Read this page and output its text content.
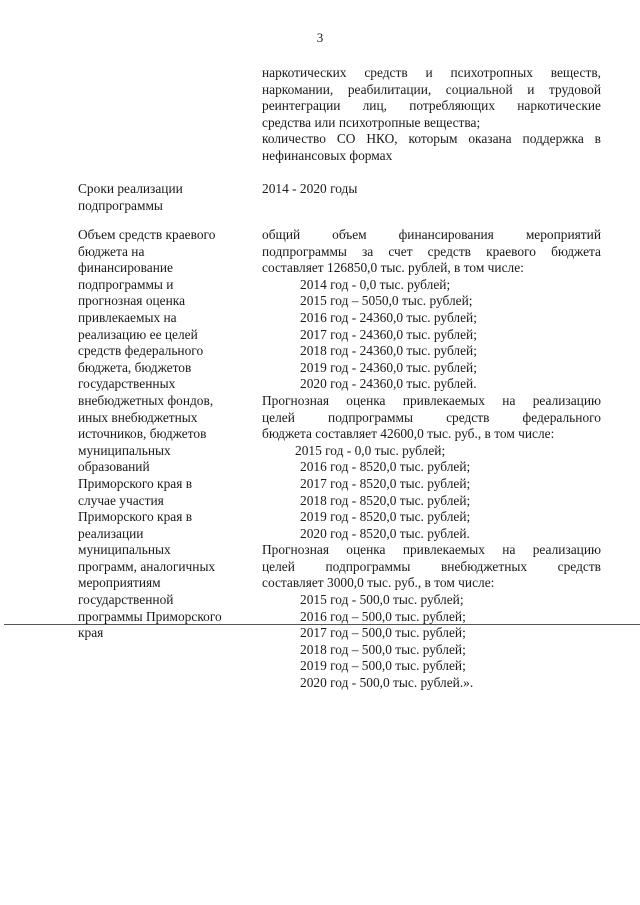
3
наркотических средств и психотропных веществ,
наркомании, реабилитации, социальной и трудовой
реинтеграции лиц, потребляющих наркотические
средства или психотропные вещества;
количество СО НКО, которым оказана поддержка в
нефинансовых формах
Сроки реализации
подпрограммы
2014 - 2020 годы
Объем средств краевого
бюджета на
финансирование
подпрограммы и
прогнозная оценка
привлекаемых на
реализацию ее целей
средств федерального
бюджета, бюджетов
государственных
внебюджетных фондов,
иных внебюджетных
источников, бюджетов
муниципальных
образований
Приморского края в
случае участия
Приморского края в
реализации
муниципальных
программ, аналогичных
мероприятиям
государственной
программы Приморского
края
общий объем финансирования мероприятий
подпрограммы за счет средств краевого бюджета
составляет 126850,0 тыс. рублей, в том числе:
2014 год - 0,0 тыс. рублей;
2015 год – 5050,0 тыс. рублей;
2016 год - 24360,0 тыс. рублей;
2017 год - 24360,0 тыс. рублей;
2018 год - 24360,0 тыс. рублей;
2019 год - 24360,0 тыс. рублей;
2020 год - 24360,0 тыс. рублей.
Прогнозная оценка привлекаемых на реализацию
целей подпрограммы средств федерального
бюджета составляет 42600,0 тыс. руб., в том числе:
2015 год - 0,0 тыс. рублей;
2016 год - 8520,0 тыс. рублей;
2017 год - 8520,0 тыс. рублей;
2018 год - 8520,0 тыс. рублей;
2019 год - 8520,0 тыс. рублей;
2020 год - 8520,0 тыс. рублей.
Прогнозная оценка привлекаемых на реализацию
целей подпрограммы внебюджетных средств
составляет 3000,0 тыс. руб., в том числе:
2015 год - 500,0 тыс. рублей;
2016 год – 500,0 тыс. рублей;
2017 год – 500,0 тыс. рублей;
2018 год – 500,0 тыс. рублей;
2019 год – 500,0 тыс. рублей;
2020 год - 500,0 тыс. рублей.».
